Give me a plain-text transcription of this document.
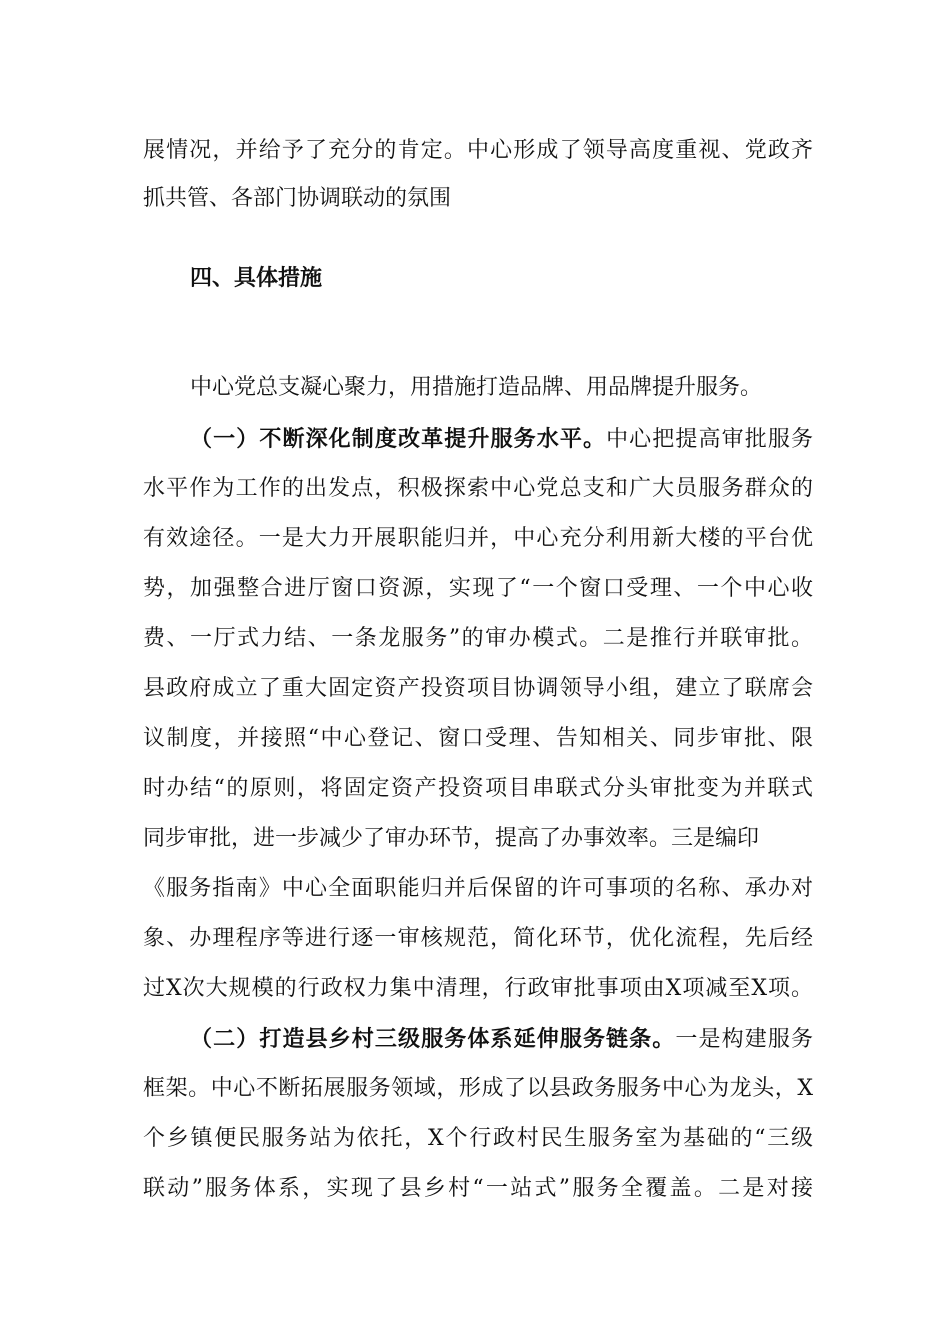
展情况，并给予了充分的肯定。中心形成了领导高度重视、党政齐
抓共管、各部门协调联动的氛围
四、具体措施
中心党总支凝心聚力，用措施打造品牌、用品牌提升服务。
（一）不断深化制度改革提升服务水平。中心把提高审批服务
水平作为工作的出发点，积极探索中心党总支和广大员服务群众的
有效途径。一是大力开展职能归并，中心充分利用新大楼的平台优
势，加强整合进厅窗口资源，实现了“一个窗口受理、一个中心收
费、一厅式力结、一条龙服务”的审办模式。二是推行并联审批。
县政府成立了重大固定资产投资项目协调领导小组，建立了联席会
议制度，并接照“中心登记、窗口受理、告知相关、同步审批、限
时办结“的原则，将固定资产投资项目串联式分头审批变为并联式
同步审批，进一步减少了审办环节，提高了办事效率。三是编印
《服务指南》中心全面职能归并后保留的许可事项的名称、承办对
象、办理程序等进行逐一审核规范，简化环节，优化流程，先后经
过X次大规模的行政权力集中清理，行政审批事项由X项减至X项。
（二）打造县乡村三级服务体系延伸服务链条。一是构建服务
框架。中心不断拓展服务领域，形成了以县政务服务中心为龙头，X
个乡镇便民服务站为依托，X个行政村民生服务室为基础的“三级
联动”服务体系，实现了县乡村“一站式”服务全覆盖。二是对接
